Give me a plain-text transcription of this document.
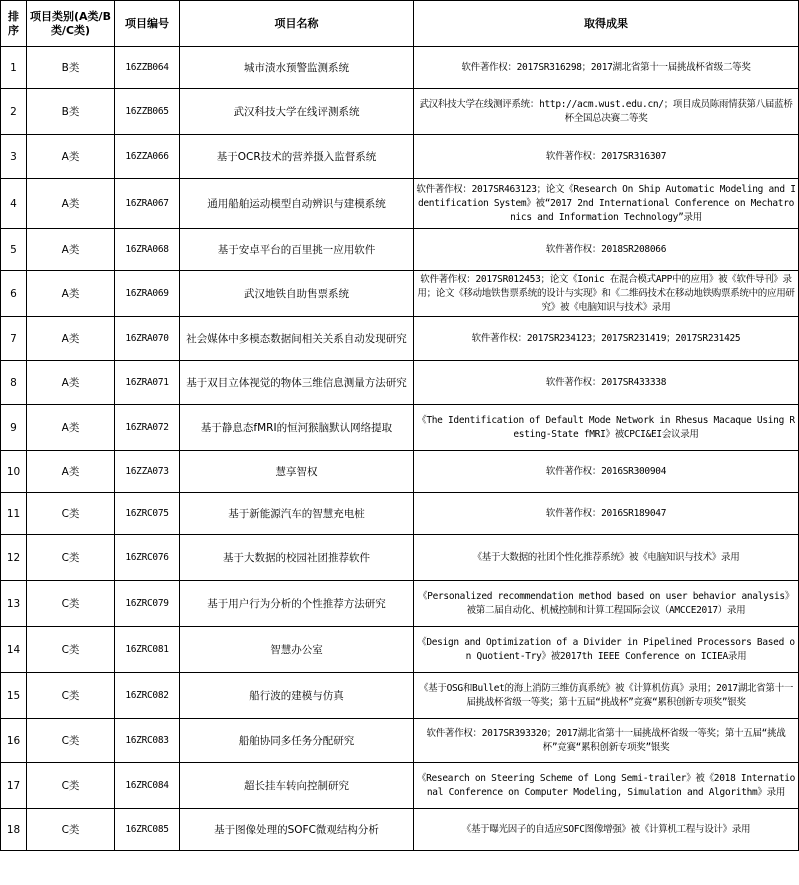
排序	项目类别(A类/B类/C类)	项目编号	项目名称	取得成果
1	B类	16ZZB064	城市渍水预警监测系统	软件著作权：2017SR316298；2017湖北省第十一届挑战杯省级二等奖
2	B类	16ZZB065	武汉科技大学在线评测系统	武汉科技大学在线测评系统：http://acm.wust.edu.cn/；项目成员陈雨情获第八届蓝桥杯全国总决赛二等奖
3	A类	16ZZA066	基于OCR技术的营养摄入监督系统	软件著作权：2017SR316307
4	A类	16ZRA067	通用船舶运动模型自动辨识与建模系统	软件著作权：2017SR463123；论文《Research On Ship Automatic Modeling and Identification System》被“2017 2nd International Conference on Mechatronics and Information Technology”录用
5	A类	16ZRA068	基于安卓平台的百里挑一应用软件	软件著作权：2018SR208066
6	A类	16ZRA069	武汉地铁自助售票系统	软件著作权：2017SR012453；论文《Ionic 在混合模式APP中的应用》被《软件导刊》录用；论文《移动地铁售票系统的设计与实现》和《二维码技术在移动地铁购票系统中的应用研究》被《电脑知识与技术》录用
7	A类	16ZRA070	社会媒体中多模态数据间相关关系自动发现研究	软件著作权：2017SR234123；2017SR231419；2017SR231425
8	A类	16ZRA071	基于双目立体视觉的物体三维信息测量方法研究	软件著作权：2017SR433338
9	A类	16ZRA072	基于静息态fMRI的恒河猴脑默认网络提取	《The Identification of Default Mode Network in Rhesus Macaque Using Resting-State fMRI》被CPCI&EI会议录用
10	A类	16ZZA073	慧享智权	软件著作权：2016SR300904
11	C类	16ZRC075	基于新能源汽车的智慧充电桩	软件著作权：2016SR189047
12	C类	16ZRC076	基于大数据的校园社团推荐软件	《基于大数据的社团个性化推荐系统》被《电脑知识与技术》录用
13	C类	16ZRC079	基于用户行为分析的个性推荐方法研究	《Personalized recommendation method based on user behavior analysis》被第二届自动化、机械控制和计算工程国际会议（AMCCE2017）录用
14	C类	16ZRC081	智慧办公室	《Design and Optimization of a Divider in Pipelined Processors Based on Quotient-Try》被2017th IEEE Conference on ICIEA录用
15	C类	16ZRC082	船行波的建模与仿真	《基于OSG和Bullet的海上消防三维仿真系统》被《计算机仿真》录用；2017湖北省第十一届挑战杯省级一等奖；第十五届“挑战杯”竞赛“累积创新专项奖”银奖
16	C类	16ZRC083	船舶协同多任务分配研究	软件著作权：2017SR393320；2017湖北省第十一届挑战杯省级一等奖；第十五届“挑战杯”竞赛“累积创新专项奖”银奖
17	C类	16ZRC084	超长挂车转向控制研究	《Research on Steering Scheme of Long Semi-trailer》被《2018 International Conference on Computer Modeling, Simulation and Algorithm》录用
18	C类	16ZRC085	基于图像处理的SOFC微观结构分析	《基于曝光因子的自适应SOFC图像增强》被《计算机工程与设计》录用
